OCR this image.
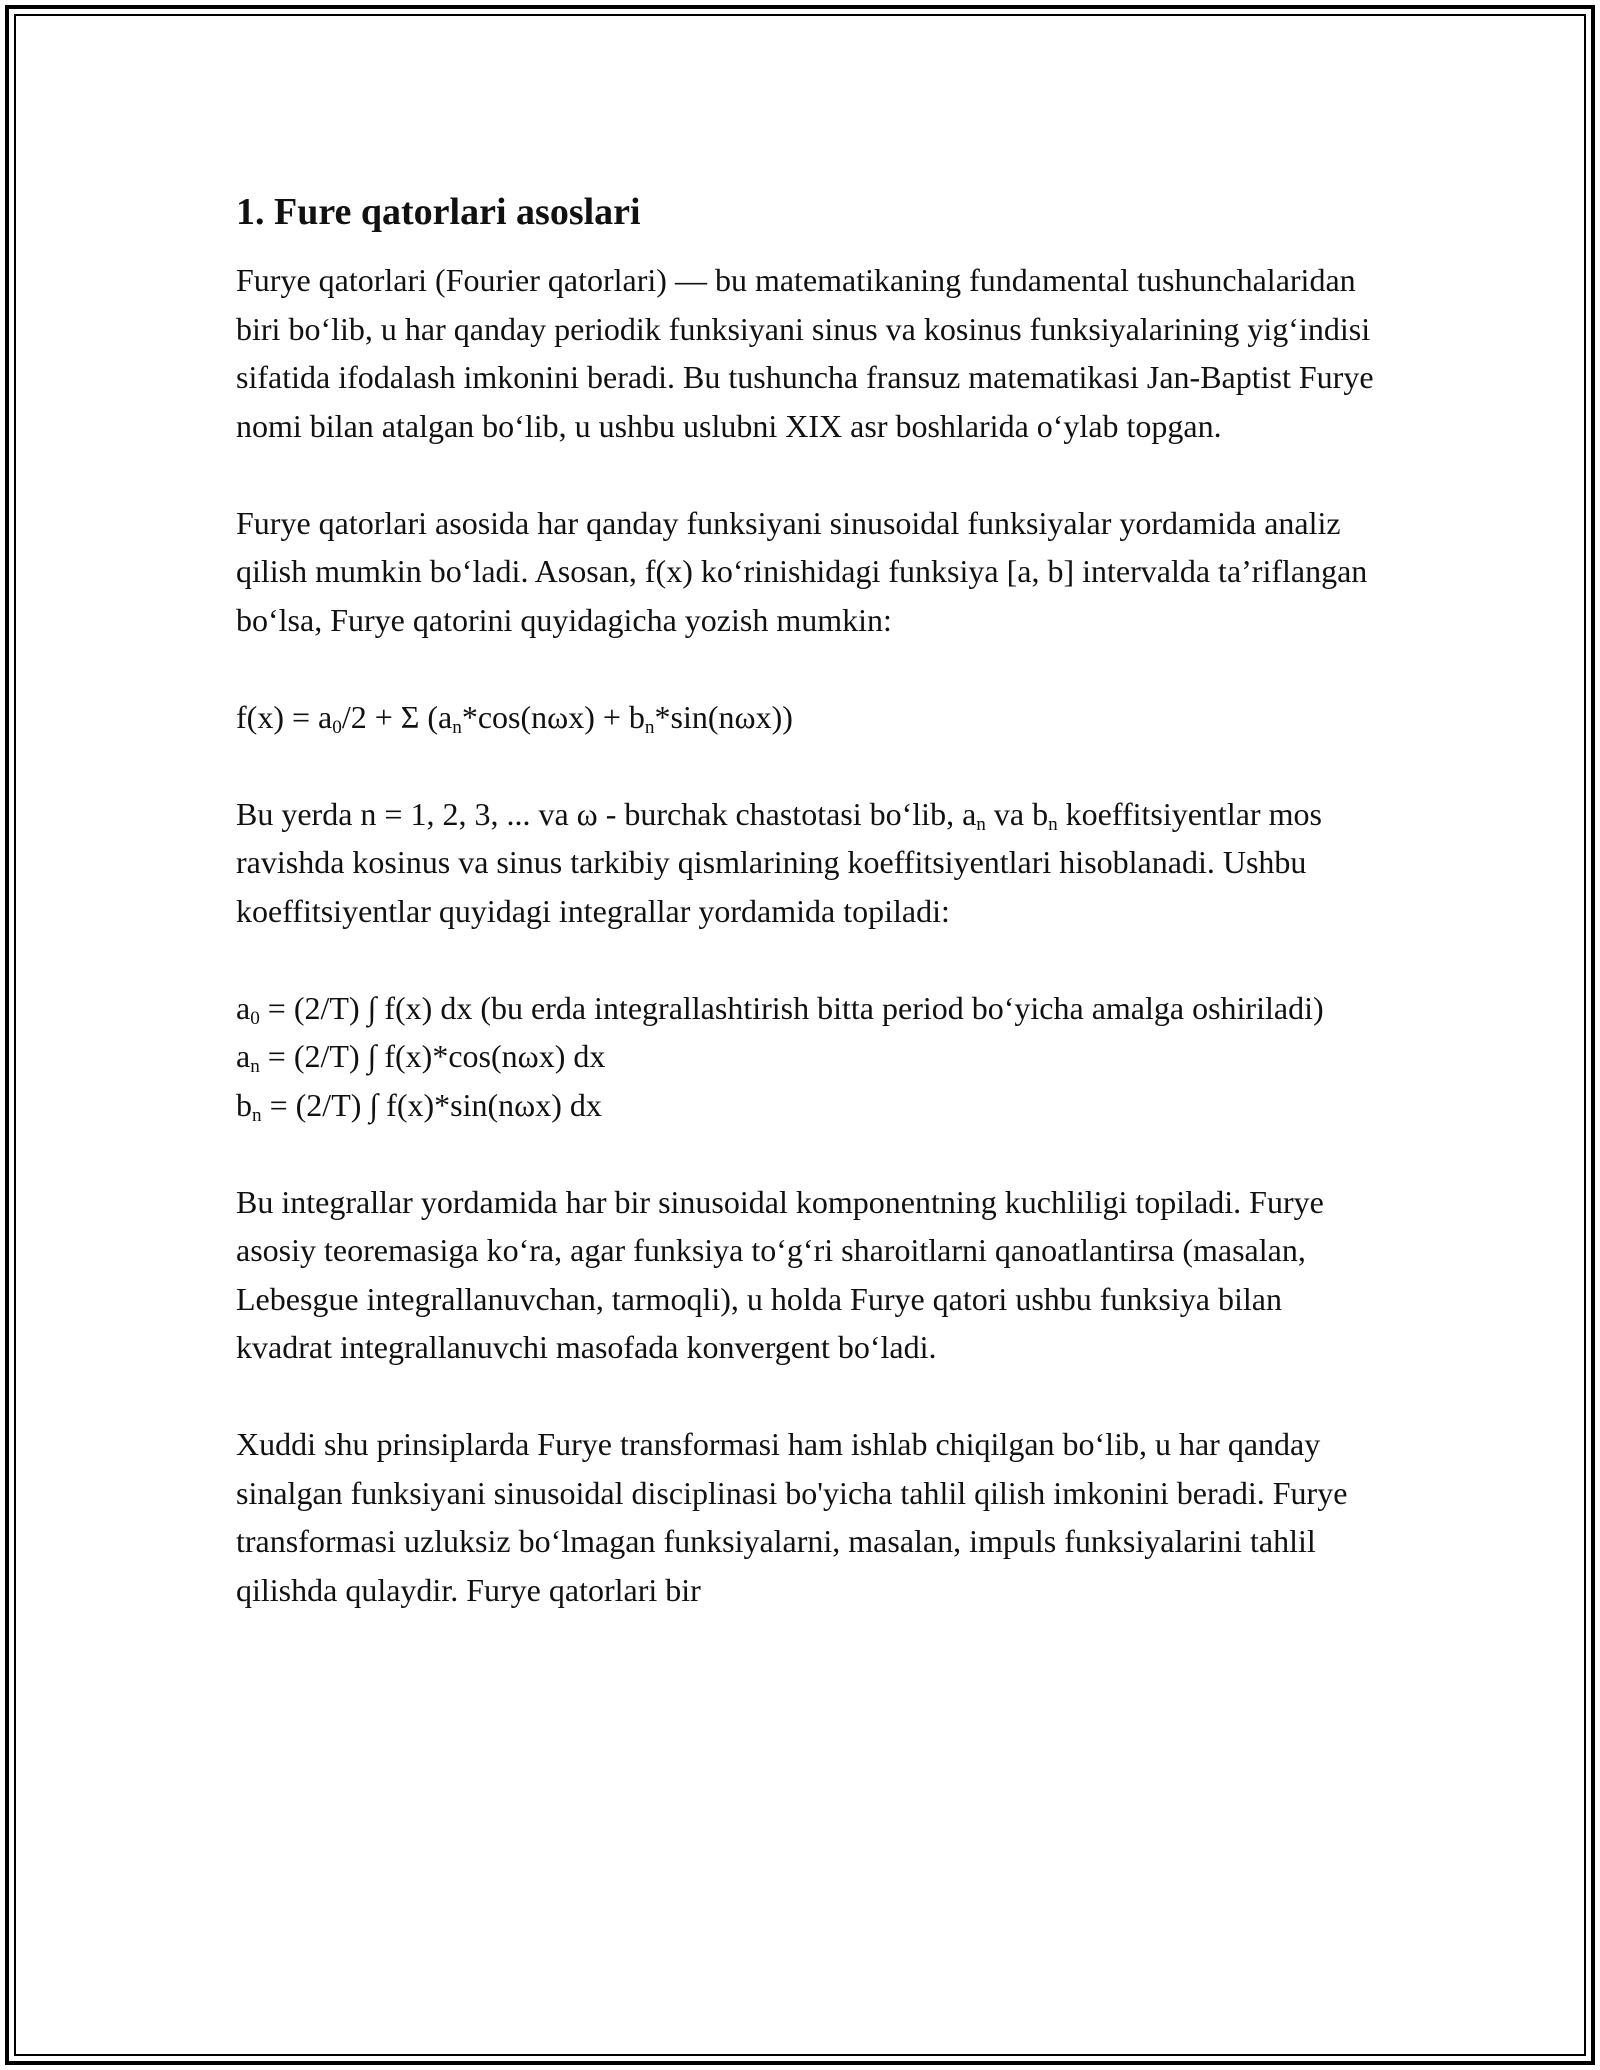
1. Fure qatorlari asoslari

Furye qatorlari (Fourier qatorlari) — bu matematikaning fundamental tushunchalaridan biri bo‘lib, u har qanday periodik funksiyani sinus va kosinus funksiyalarining yig‘indisi sifatida ifodalash imkonini beradi. Bu tushuncha fransuz matematikasi Jan-Baptist Furye nomi bilan atalgan bo‘lib, u ushbu uslubni XIX asr boshlarida o‘ylab topgan.

Furye qatorlari asosida har qanday funksiyani sinusoidal funksiyalar yordamida analiz qilish mumkin bo‘ladi. Asosan, f(x) ko‘rinishidagi funksiya [a, b] intervalda ta’riflangan bo‘lsa, Furye qatorini quyidagicha yozish mumkin:

$f(x) = a_0/2 + \Sigma$ $(a_n*\cos(n\omega x) + b_n*\sin(n\omega x))$

Bu yerda n = 1, 2, 3, ... va ω - burchak chastotasi bo‘lib, $a_n$ va $b_n$ koeffitsiyentlar mos ravishda kosinus va sinus tarkibiy qismlarining koeffitsiyentlari hisoblanadi. Ushbu koeffitsiyentlar quyidagi integrallar yordamida topiladi:

$a_0 = (2/T)$ ∫ f(x) dx (bu erda integrallashtirish bitta period bo‘yicha amalga oshiriladi)
$a_n = (2/T)$ ∫ f(x)*cos(nωx) dx
$b_n = (2/T)$ ∫ f(x)*sin(nωx) dx

Bu integrallar yordamida har bir sinusoidal komponentning kuchliligi topiladi. Furye asosiy teoremasiga ko‘ra, agar funksiya to‘g‘ri sharoitlarni qanoatlantirsa (masalan, Lebesgue integrallanuvchan, tarmoqli), u holda Furye qatori ushbu funksiya bilan kvadrat integrallanuvchi masofada konvergent bo‘ladi.

Xuddi shu prinsiplarda Furye transformasi ham ishlab chiqilgan bo‘lib, u har qanday sinalgan funksiyani sinusoidal disciplinasi bo'yicha tahlil qilish imkonini beradi. Furye transformasi uzluksiz bo‘lmagan funksiyalarni, masalan, impuls funksiyalarini tahlil qilishda qulaydir. Furye qatorlari bir
